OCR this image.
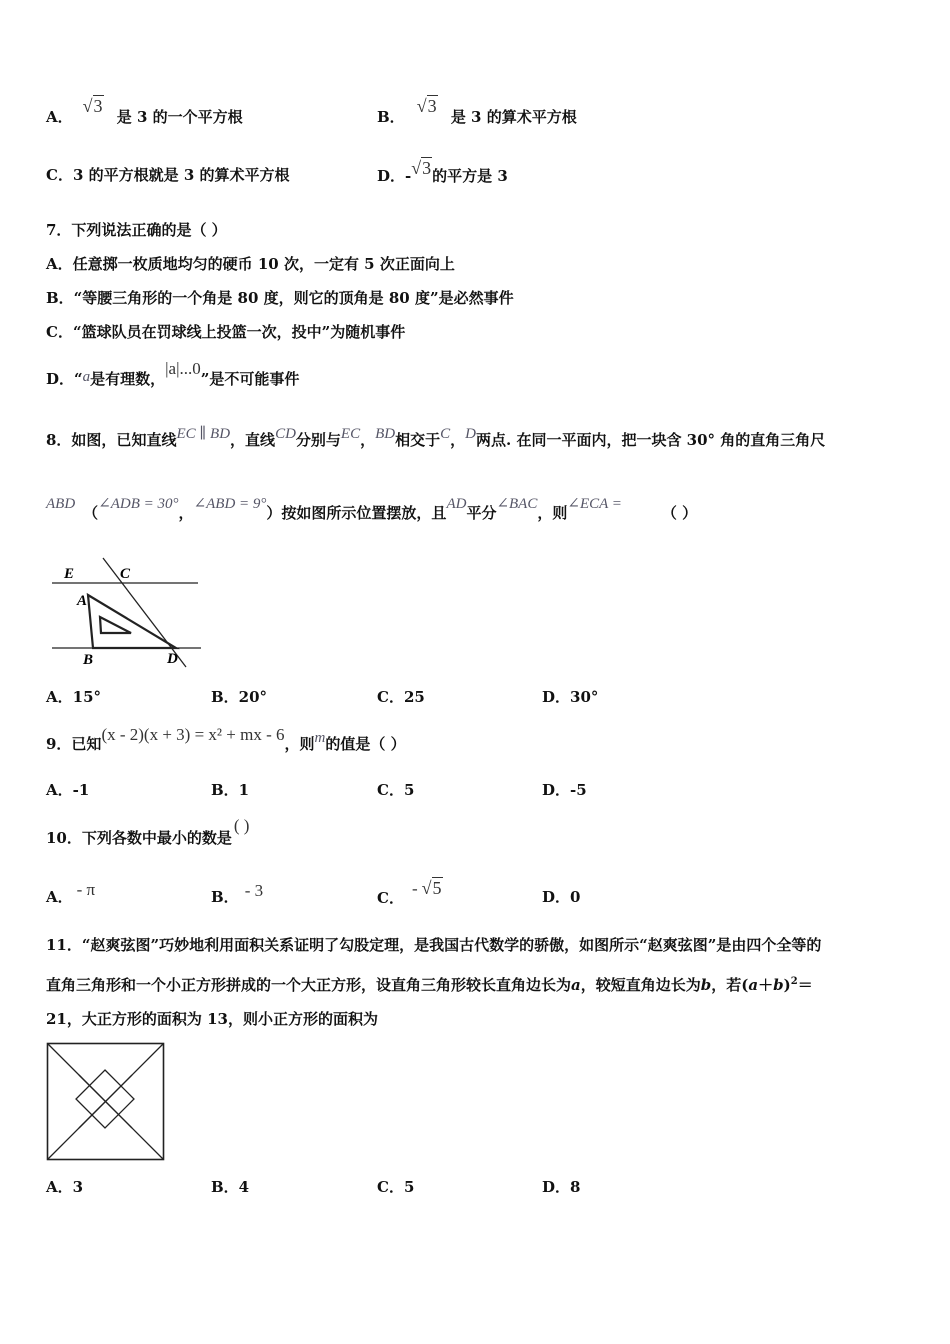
A．√3 是 3 的一个平方根	B．√3 是 3 的算术平方根
C．3 的平方根就是 3 的算术平方根	D．-√3的平方是 3
7．下列说法正确的是（ ）
A．任意掷一枚质地均匀的硬币 10 次，一定有 5 次正面向上
B．“等腰三角形的一个角是 80 度，则它的顶角是 80 度”是必然事件
C．“篮球队员在罚球线上投篮一次，投中”为随机事件
D．“a是有理数，|a|...0”是不可能事件
8．如图，已知直线EC ∥ BD，直线CD分别与EC，BD相交于C，D两点. 在同一平面内，把一块含 30° 角的直角三角尺
ABD （∠ADB = 30°，∠ABD = 9°）按如图所示位置摆放，且AD平分∠BAC，则∠ECA =	（ ）
E	C
A
B	D
A．15°	B．20°	C．25	D．30°
9．已知(x - 2)(x + 3) = x² + mx - 6，则m的值是（ ）
A．-1	B．1	C．5	D．-5
10．下列各数中最小的数是( )
A． - π	B． - 3	C． - √5	D．0
11．“赵爽弦图”巧妙地利用面积关系证明了勾股定理，是我国古代数学的骄傲，如图所示“赵爽弦图”是由四个全等的
直角三角形和一个小正方形拼成的一个大正方形，设直角三角形较长直角边长为a，较短直角边长为b，若$(a+b)^2=$
21，大正方形的面积为 13，则小正方形的面积为
A．3	B．4	C．5	D．8
